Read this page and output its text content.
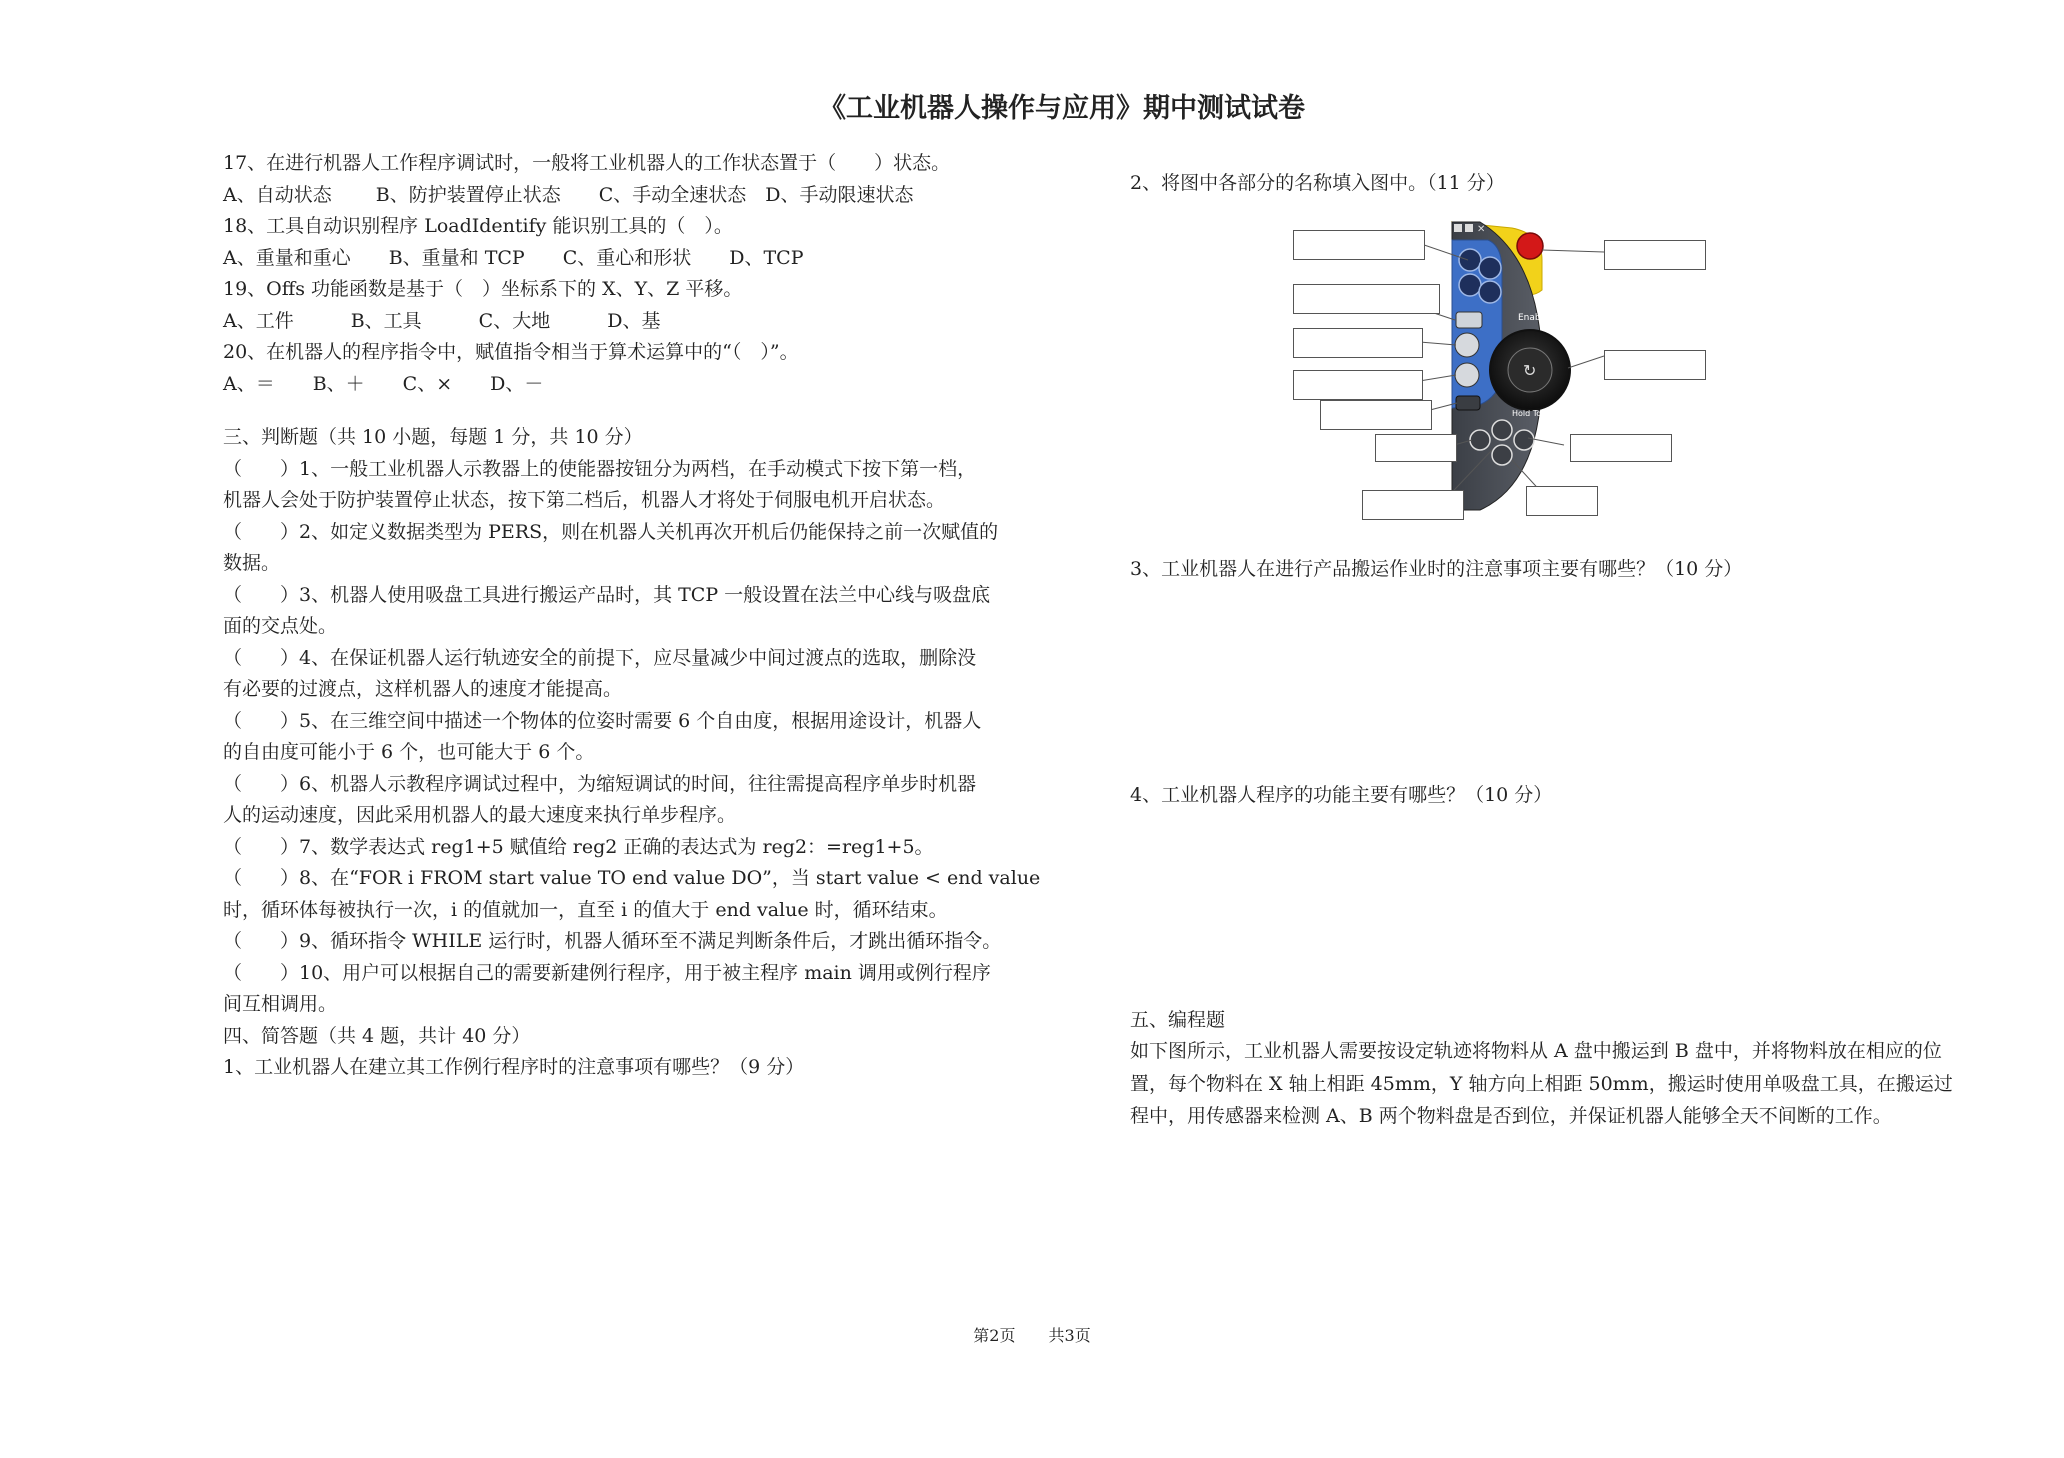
《工业机器人操作与应用》期中测试试卷
17、在进行机器人工作程序调试时，一般将工业机器人的工作状态置于（　　）状态。
A、自动状态　　 B、防护装置停止状态　　C、手动全速状态　D、手动限速状态
18、工具自动识别程序 LoadIdentify 能识别工具的（　）。
A、重量和重心　　B、重量和 TCP　　C、重心和形状　　D、TCP
19、Offs 功能函数是基于（　）坐标系下的 X、Y、Z 平移。
A、工件　　　B、工具　　　C、大地　　　D、基
20、在机器人的程序指令中，赋值指令相当于算术运算中的“（　）”。
A、＝　　B、＋　　C、×　　D、－
三、判断题（共 10 小题，每题 1 分，共 10 分）
（　　）1、一般工业机器人示教器上的使能器按钮分为两档，在手动模式下按下第一档，
机器人会处于防护装置停止状态，按下第二档后，机器人才将处于伺服电机开启状态。
（　　）2、如定义数据类型为 PERS，则在机器人关机再次开机后仍能保持之前一次赋值的
数据。
（　　）3、机器人使用吸盘工具进行搬运产品时，其 TCP 一般设置在法兰中心线与吸盘底
面的交点处。
（　　）4、在保证机器人运行轨迹安全的前提下，应尽量减少中间过渡点的选取，删除没
有必要的过渡点，这样机器人的速度才能提高。
（　　）5、在三维空间中描述一个物体的位姿时需要 6 个自由度，根据用途设计，机器人
的自由度可能小于 6 个，也可能大于 6 个。
（　　）6、机器人示教程序调试过程中，为缩短调试的时间，往往需提高程序单步时机器
人的运动速度，因此采用机器人的最大速度来执行单步程序。
（　　）7、数学表达式 reg1+5 赋值给 reg2 正确的表达式为 reg2：=reg1+5。
（　　）8、在“FOR i FROM start value TO end value DO”，当 start value < end value
时，循环体每被执行一次，i 的值就加一，直至 i 的值大于 end value 时，循环结束。
（　　）9、循环指令 WHILE 运行时，机器人循环至不满足判断条件后，才跳出循环指令。
（　　）10、用户可以根据自己的需要新建例行程序，用于被主程序 main 调用或例行程序
间互相调用。
四、简答题（共 4 题，共计 40 分）
1、工业机器人在建立其工作例行程序时的注意事项有哪些？（9 分）
2、将图中各部分的名称填入图中。（11 分）
✕
Enable
↻
Hold To Run
3、工业机器人在进行产品搬运作业时的注意事项主要有哪些？（10 分）
4、工业机器人程序的功能主要有哪些？（10 分）
五、编程题
如下图所示，工业机器人需要按设定轨迹将物料从 A 盘中搬运到 B 盘中，并将物料放在相应的位置，每个物料在 X 轴上相距 45mm，Y 轴方向上相距 50mm，搬运时使用单吸盘工具，在搬运过程中，用传感器来检测 A、B 两个物料盘是否到位，并保证机器人能够全天不间断的工作。
第2页 共3页
